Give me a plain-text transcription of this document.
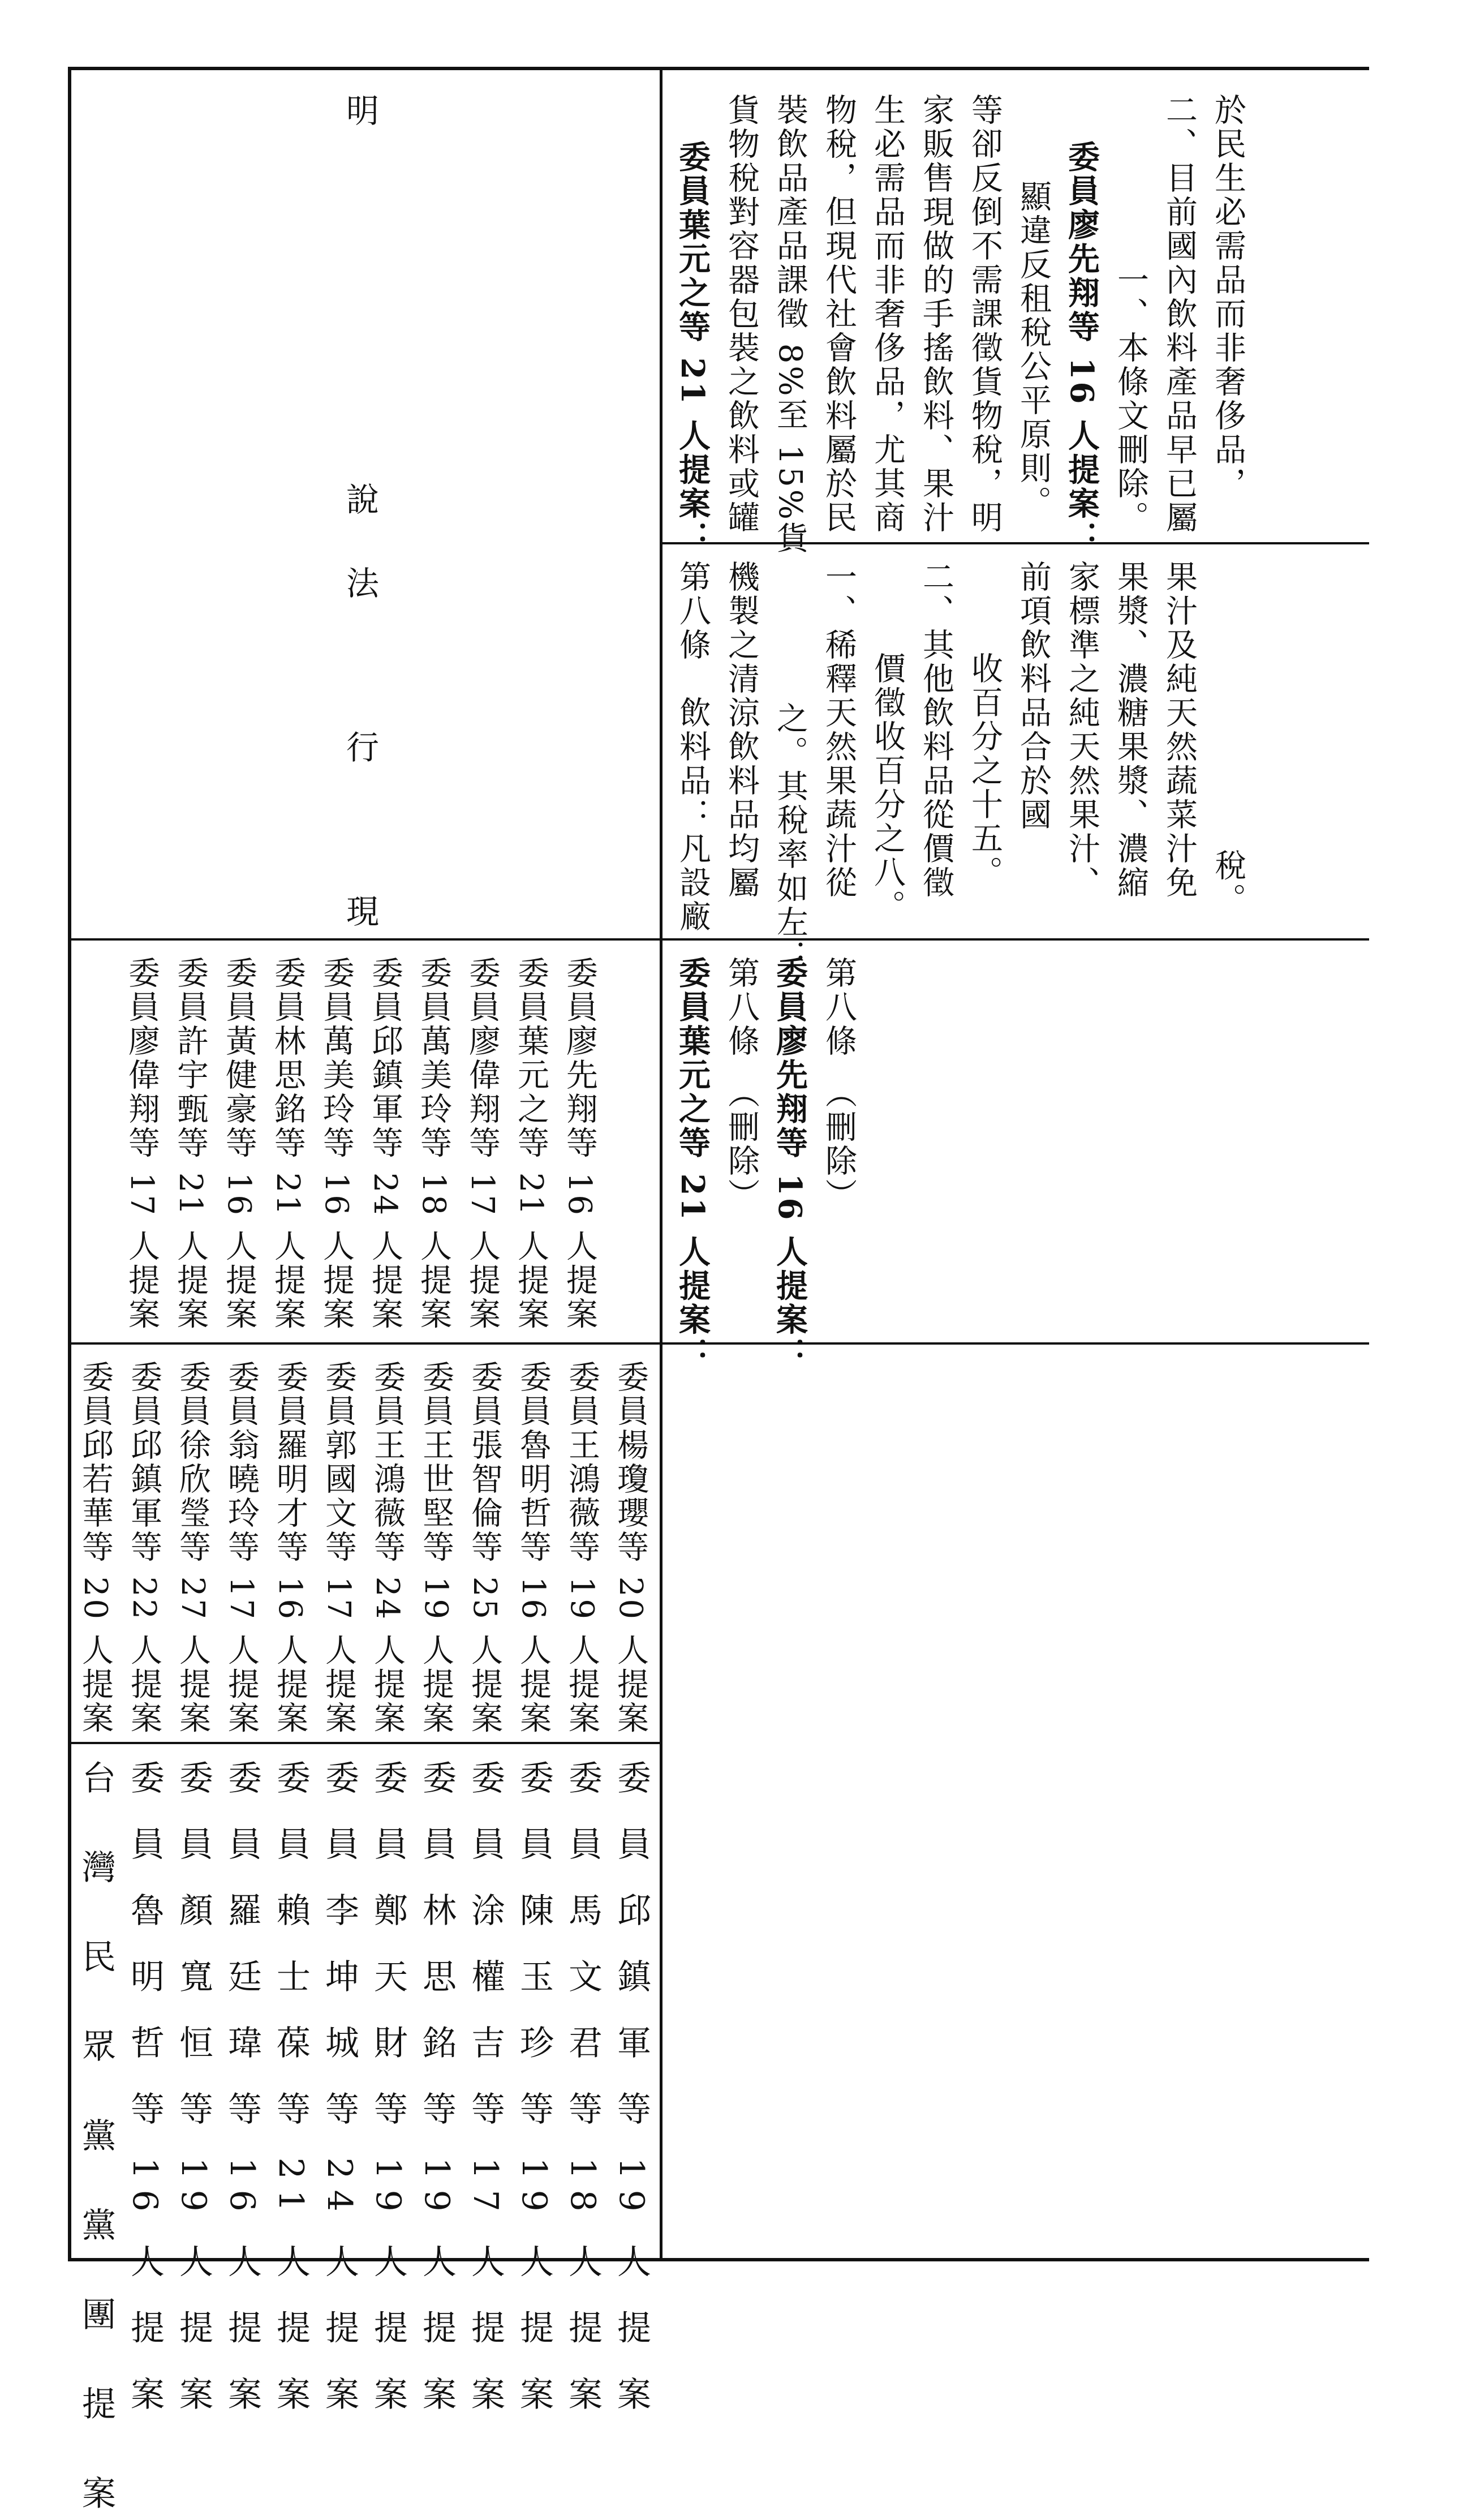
明
說
法
行
現
委員廖偉翔等 17 人提案 委員許宇甄等 21 人提案 委員黃健豪等 16 人提案 委員林思銘等 21 人提案 委員萬美玲等 16 人提案 委員邱鎮軍等 24 人提案 委員萬美玲等 18 人提案 委員廖偉翔等 17 人提案 委員葉元之等 21 人提案 委員廖先翔等 16 人提案
委員邱若華等 20 人提案 委員邱鎮軍等 22 人提案 委員徐欣瑩等 27 人提案 委員翁曉玲等 17 人提案 委員羅明才等 16 人提案 委員郭國文等 17 人提案 委員王鴻薇等 24 人提案 委員王世堅等 19 人提案 委員張智倫等 25 人提案 委員魯明哲等 16 人提案 委員王鴻薇等 19 人提案 委員楊瓊瓔等 20 人提案
台　灣　民　眾　黨　黨　團　提　案 委 員 魯 明 哲 等 16 人 提 案 委 員 顏 寬 恒 等 19 人 提 案 委 員 羅 廷 瑋 等 16 人 提 案 委 員 賴 士 葆 等 21 人 提 案 委 員 李 坤 城 等 24 人 提 案 委 員 鄭 天 財 等 19 人 提 案 委 員 林 思 銘 等 19 人 提 案 委 員 涂 權 吉 等 17 人 提 案 委 員 陳 玉 珍 等 19 人 提 案 委 員 馬 文 君 等 18 人 提 案 委 員 邱 鎮 軍 等 19 人 提 案
委員葉元之等 21 人提案： 貨物稅對容器包裝之飲料或罐 裝飲品產品課徵 8%至 15%貨 物稅，但現代社會飲料屬於民 生必需品而非奢侈品，尤其商 家販售現做的手搖飲料、果汁 等卻反倒不需課徵貨物稅，明 顯違反租稅公平原則。 委員廖先翔等 16 人提案： 一、本條文刪除。 二、目前國內飲料產品早已屬 於民生必需品而非奢侈品，
第八條　飲料品：凡設廠 機製之清涼飲料品均屬 之。其稅率如左： 一、稀釋天然果蔬汁從 價徵收百分之八。 二、其他飲料品從價徵 收百分之十五。 前項飲料品合於國 家標準之純天然果汁、 果漿、濃糖果漿、濃縮 果汁及純天然蔬菜汁免 稅。
委員葉元之等 21 人提案： 第八條　（刪除） 委員廖先翔等 16 人提案： 第八條　（刪除）
